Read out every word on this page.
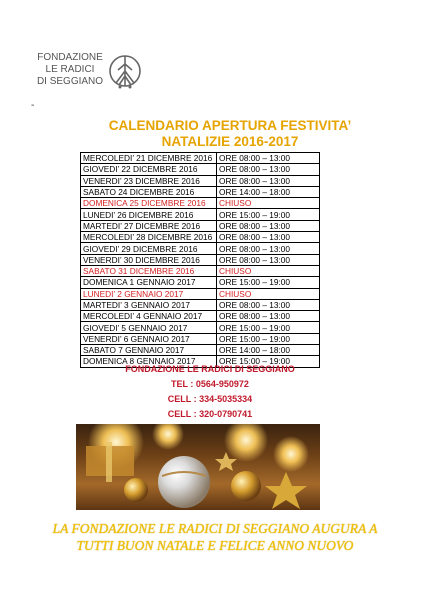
FONDAZIONE
LE RADICI
DI SEGGIANO
-
CALENDARIO APERTURA FESTIVITA’
NATALIZIE 2016-2017
MERCOLEDI’ 21 DICEMBRE 2016	ORE 08:00 – 13:00
GIOVEDI’ 22 DICEMBRE 2016	ORE 08:00 – 13:00
VENERDI’ 23 DICEMBRE 2016	ORE 08:00 – 13:00
SABATO 24 DICEMBRE 2016	ORE 14:00 – 18:00
DOMENICA 25 DICEMBRE 2016	CHIUSO
LUNEDI’ 26 DICEMBRE 2016	ORE 15:00 – 19:00
MARTEDI’ 27 DICEMBRE 2016	ORE 08:00 – 13:00
MERCOLEDI’ 28 DICEMBRE 2016	ORE 08:00 – 13:00
GIOVEDI’ 29 DICEMBRE 2016	ORE 08:00 – 13:00
VENERDI’ 30 DICEMBRE 2016	ORE 08:00 – 13:00
SABATO 31 DICEMBRE 2016	CHIUSO
DOMENICA 1 GENNAIO 2017	ORE 15:00 – 19:00
LUNEDI’ 2 GENNAIO 2017	CHIUSO
MARTEDI’ 3 GENNAIO 2017	ORE 08:00 – 13:00
MERCOLEDI’ 4 GENNAIO 2017	ORE 08:00 – 13:00
GIOVEDI’ 5 GENNAIO 2017	ORE 15:00 – 19:00
VENERDI’ 6 GENNAIO 2017	ORE 15:00 – 19:00
SABATO 7 GENNAIO 2017	ORE 14:00 – 18:00
DOMENICA 8 GENNAIO 2017	ORE 15:00 – 19:00
FONDAZIONE LE RADICI DI SEGGIANO
TEL : 0564-950972
CELL : 334-5035334
CELL : 320-0790741
LA FONDAZIONE LE RADICI DI SEGGIANO AUGURA A
TUTTI BUON NATALE E FELICE ANNO NUOVO
